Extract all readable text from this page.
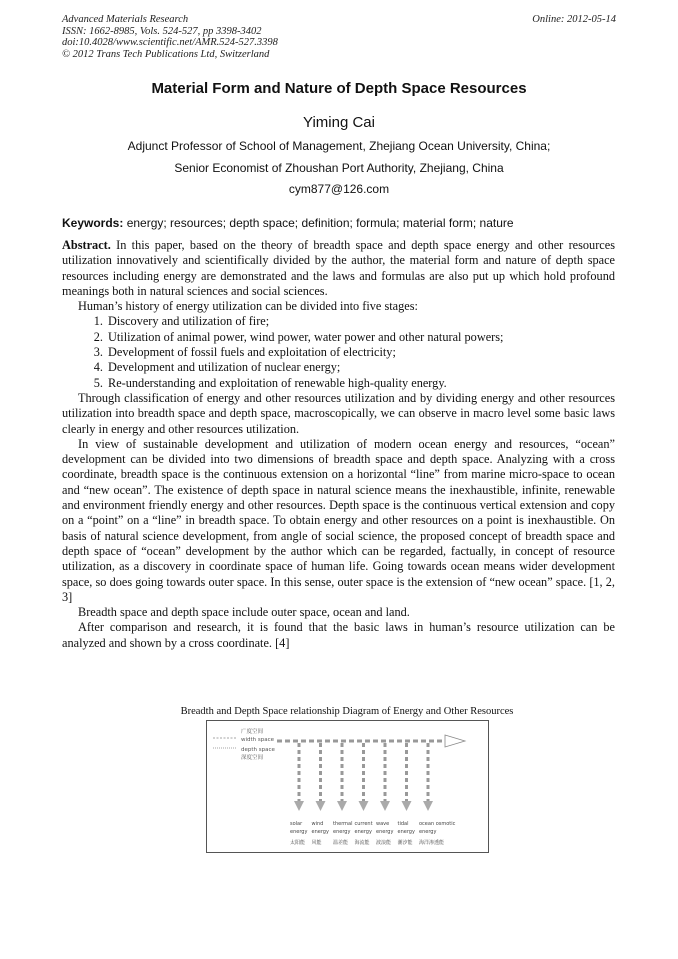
Advanced Materials Research
ISSN: 1662-8985, Vols. 524-527, pp 3398-3402
doi:10.4028/www.scientific.net/AMR.524-527.3398
© 2012 Trans Tech Publications Ltd, Switzerland
Online: 2012-05-14
Material Form and Nature of Depth Space Resources
Yiming Cai
Adjunct Professor of School of Management, Zhejiang Ocean University, China;
Senior Economist of Zhoushan Port Authority, Zhejiang, China
cym877@126.com
Keywords: energy; resources; depth space; definition; formula; material form; nature

Abstract. In this paper, based on the theory of breadth space and depth space energy and other resources utilization innovatively and scientifically divided by the author, the material form and nature of depth space resources including energy are demonstrated and the laws and formulas are also put up which hold profound meanings both in natural sciences and social sciences.

Human’s history of energy utilization can be divided into five stages:

1. Discovery and utilization of fire;
2. Utilization of animal power, wind power, water power and other natural powers;
3. Development of fossil fuels and exploitation of electricity;
4. Development and utilization of nuclear energy;
5. Re-understanding and exploitation of renewable high-quality energy.

Through classification of energy and other resources utilization and by dividing energy and other resources utilization into breadth space and depth space, macroscopically, we can observe in macro level some basic laws clearly in energy and other resources utilization.

In view of sustainable development and utilization of modern ocean energy and resources, “ocean” development can be divided into two dimensions of breadth space and depth space. Analyzing with a cross coordinate, breadth space is the continuous extension on a horizontal “line” from marine micro-space to ocean and “new ocean”. The existence of depth space in natural science means the inexhaustible, infinite, renewable and environment friendly energy and other resources. Depth space is the continuous vertical extension and copy on a “point” on a “line” in breadth space. To obtain energy and other resources on a point is inexhaustible. On basis of natural science development, from angle of social science, the proposed concept of breadth space and depth space of “ocean” development by the author which can be regarded, factually, in concept of resource utilization, as a discovery in coordinate space of human life. Going towards ocean means wider development space, so does going towards outer space. In this sense, outer space is the extension of “new ocean” space. [1, 2, 3]

Breadth space and depth space include outer space, ocean and land.

After comparison and research, it is found that the basic laws in human’s resource utilization can be analyzed and shown by a cross coordinate. [4]

Breadth and Depth Space relationship Diagram of Energy and Other Resources
广度空间
width space
depth space
深度空间
solar
energy
太阳能
wind
energy
风能
thermal
energy
温差能
current
energy
海流能
wave
energy
波浪能
tidal
energy
潮汐能
ocean osmotic
energy
海洋渗透能
